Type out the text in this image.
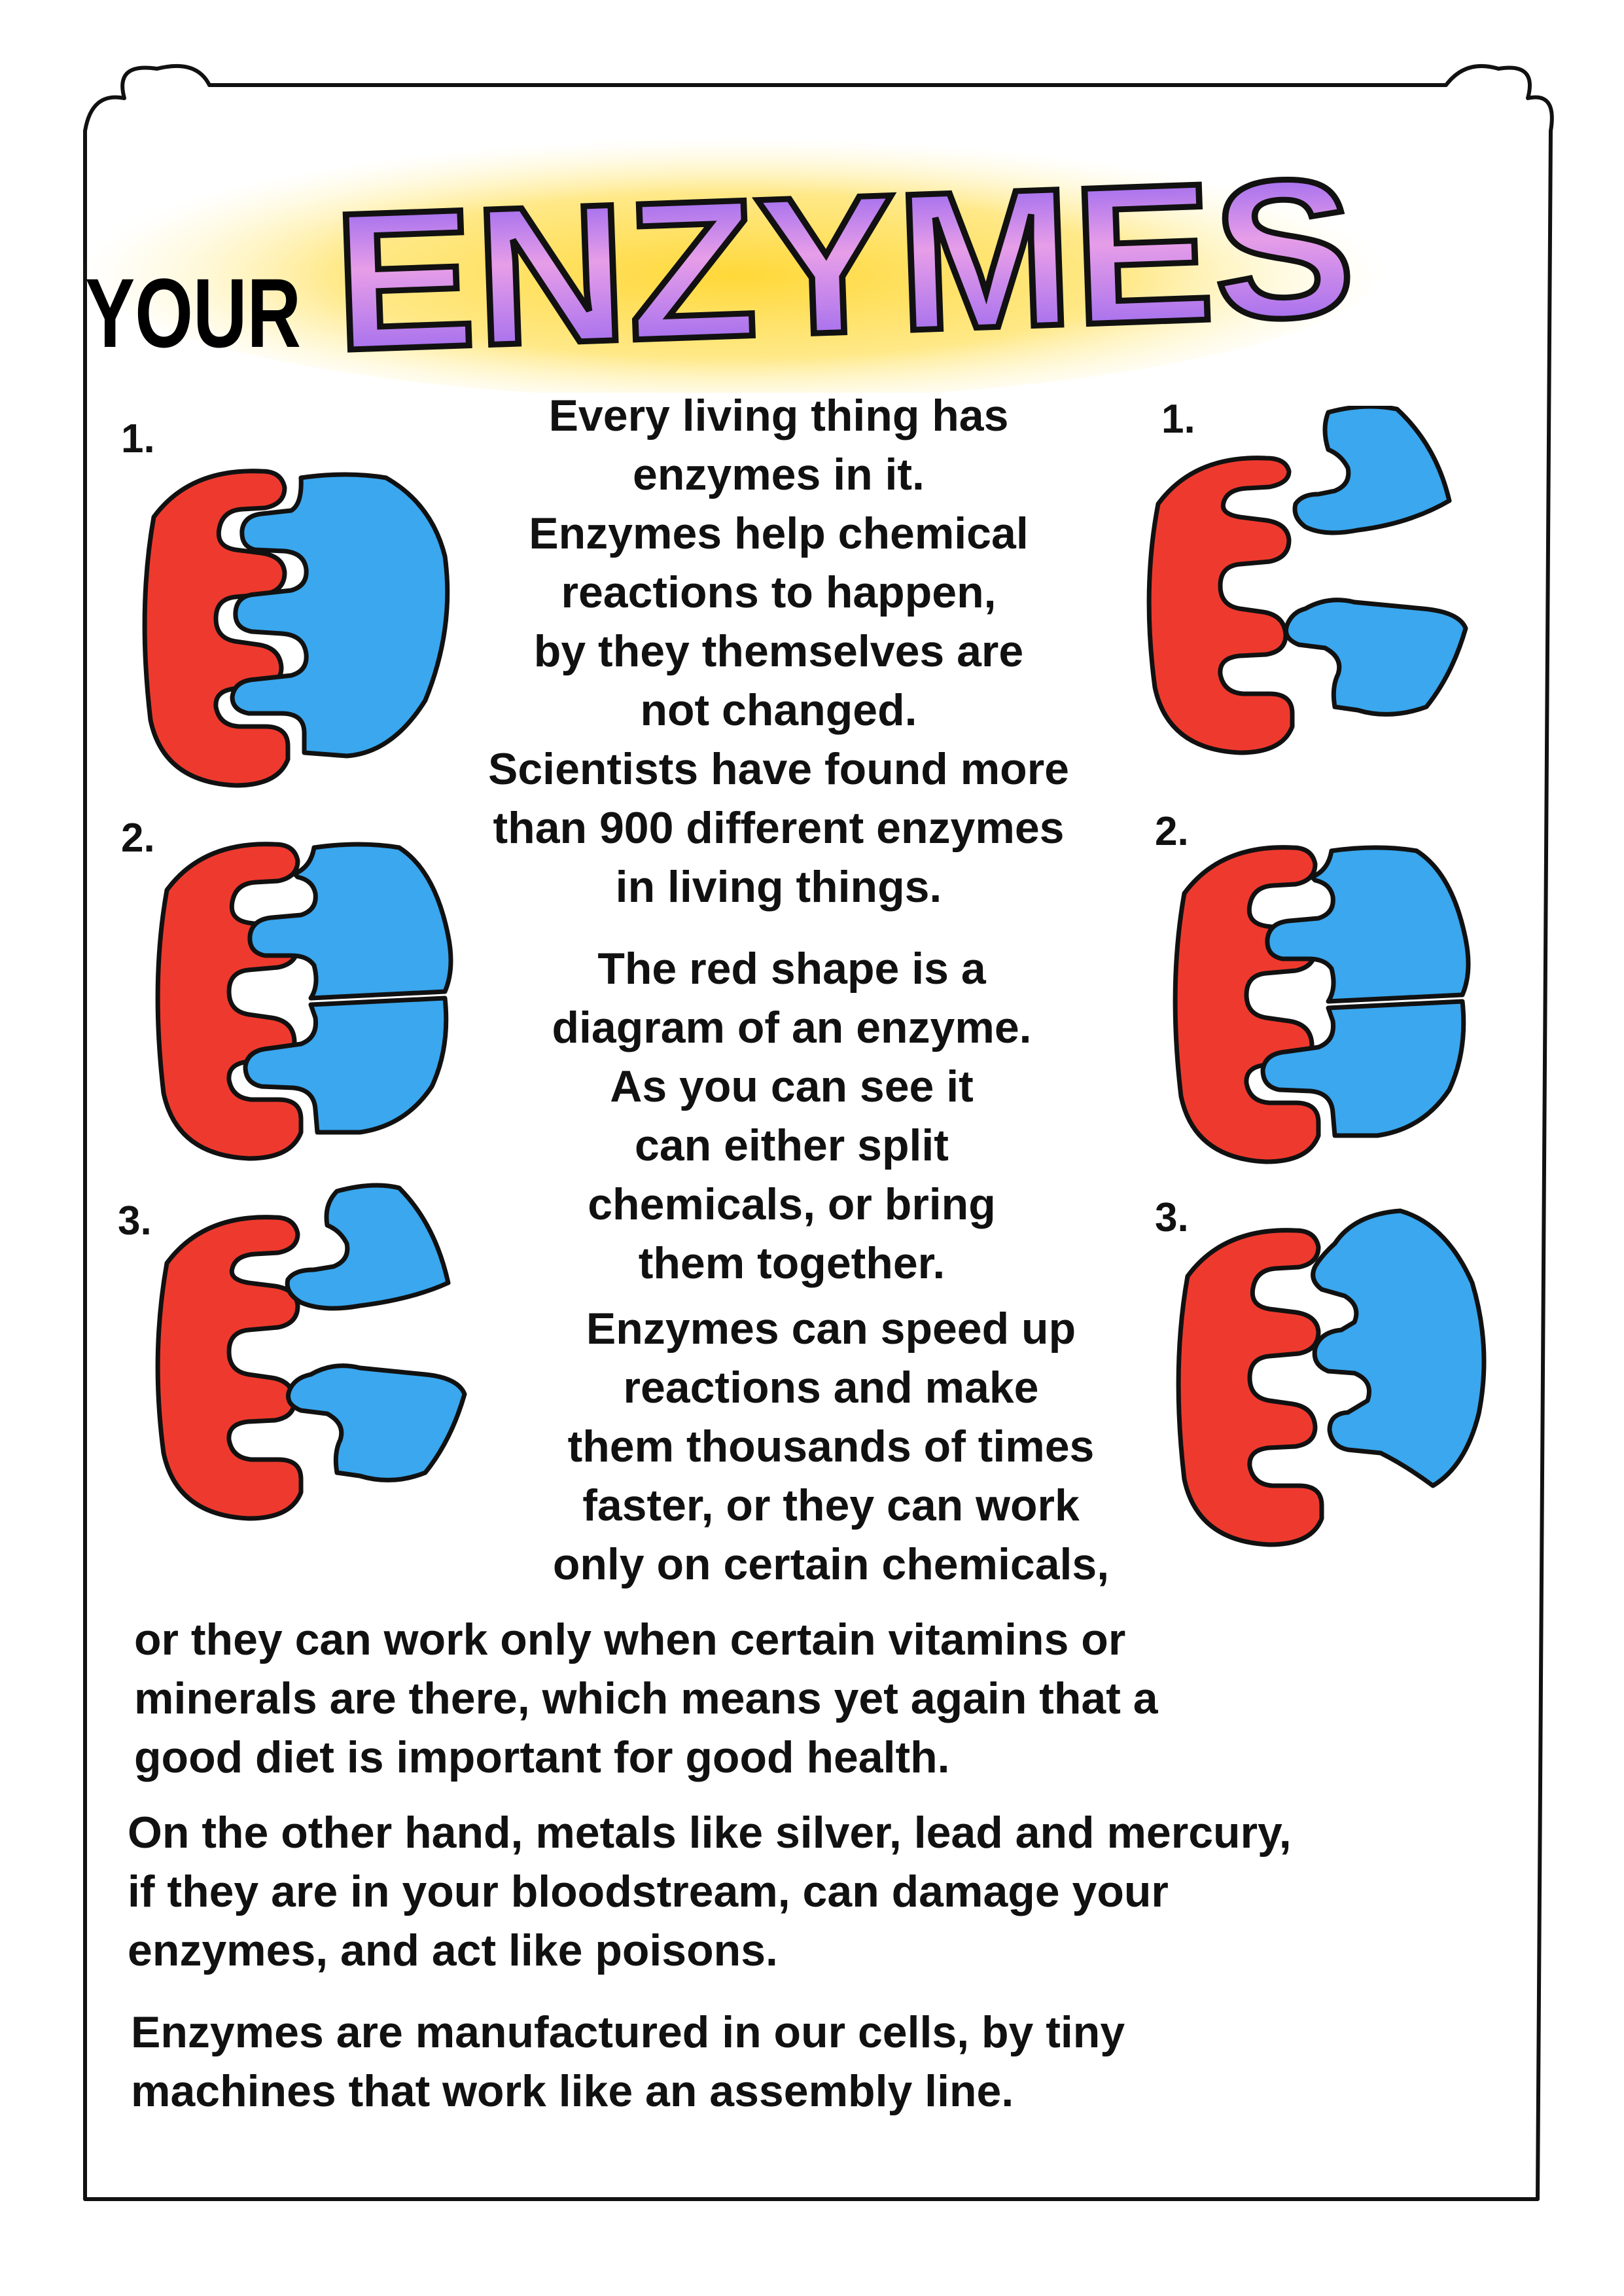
YOUR ENZYMES
1.
2.
3.
1.
2.
3.
Every living thing has
enzymes in it.
Enzymes help chemical
reactions to happen,
by they themselves are
not changed.
Scientists have found more
than 900 different enzymes
in living things.
The red shape is a
diagram of an enzyme.
As you can see it
can either split
chemicals, or bring
them together.
Enzymes can speed up
reactions and make
them thousands of times
faster, or they can work
only on certain chemicals,
or they can work only when certain vitamins or
minerals are there, which means yet again that a
good diet is important for good health.
On the other hand, metals like silver, lead and mercury,
if they are in your bloodstream, can damage your
enzymes, and act like poisons.
Enzymes are manufactured in our cells, by tiny
machines that work like an assembly line.
